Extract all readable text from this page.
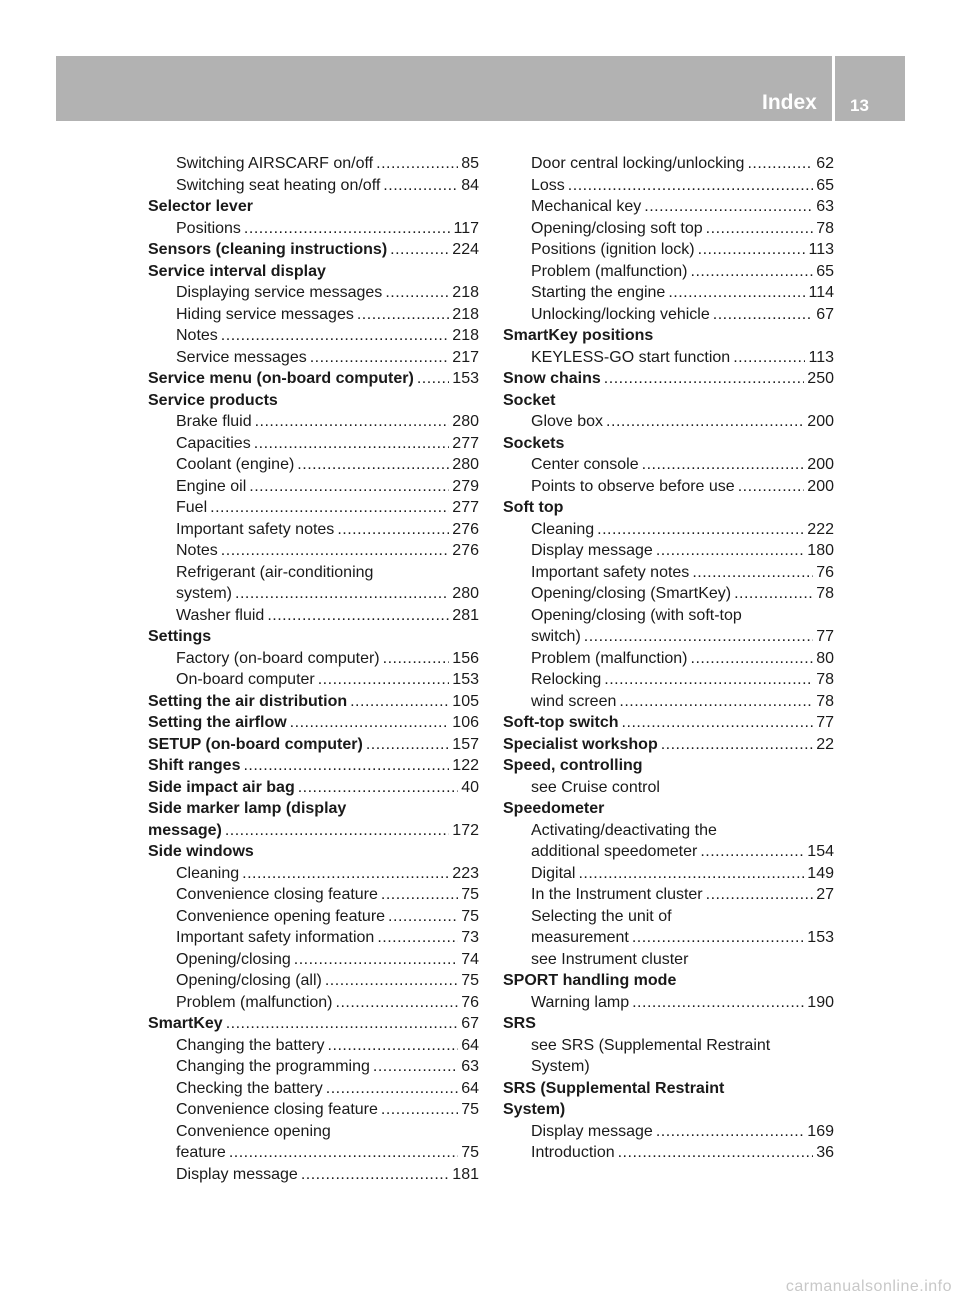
Index 13
Switching AIRSCARF on/off .....	85
Switching seat heating on/off .....	84
Selector lever
Positions .....	117
Sensors (cleaning instructions) .....	224
Service interval display
Displaying service messages .....	218
Hiding service messages .....	218
Notes .....	218
Service messages .....	217
Service menu (on-board computer) ..... 153
Service products
Brake fluid .....	280
Capacities .....	277
Coolant (engine) .....	280
Engine oil .....	279
Fuel .....	277
Important safety notes .....	276
Notes .....	276
Refrigerant (air-conditioning
system) .....	280
Washer fluid .....	281
Settings
Factory (on-board computer) .....	156
On-board computer .....	153
Setting the air distribution .....	105
Setting the airflow .....	106
SETUP (on-board computer) .....	157
Shift ranges .....	122
Side impact air bag .....	40
Side marker lamp (display
message) .....	172
Side windows
Cleaning .....	223
Convenience closing feature .....	75
Convenience opening feature .....	75
Important safety information .....	73
Opening/closing .....	74
Opening/closing (all) .....	75
Problem (malfunction) .....	76
SmartKey .....	67
Changing the battery .....	64
Changing the programming .....	63
Checking the battery .....	64
Convenience closing feature .....	75
Convenience opening
feature .....	75
Display message .....	181
Door central locking/unlocking .....	62
Loss .....	65
Mechanical key .....	63
Opening/closing soft top .....	78
Positions (ignition lock) .....	113
Problem (malfunction) .....	65
Starting the engine .....	114
Unlocking/locking vehicle .....	67
SmartKey positions
KEYLESS-GO start function .....	113
Snow chains .....	250
Socket
Glove box .....	200
Sockets
Center console .....	200
Points to observe before use .....	200
Soft top
Cleaning .....	222
Display message .....	180
Important safety notes .....	76
Opening/closing (SmartKey) .....	78
Opening/closing (with soft-top
switch) .....	77
Problem (malfunction) .....	80
Relocking .....	78
wind screen .....	78
Soft-top switch .....	77
Specialist workshop .....	22
Speed, controlling
see Cruise control
Speedometer
Activating/deactivating the
additional speedometer .....	154
Digital .....	149
In the Instrument cluster .....	27
Selecting the unit of
measurement .....	153
see Instrument cluster
SPORT handling mode
Warning lamp .....	190
SRS
see SRS (Supplemental Restraint
System)
SRS (Supplemental Restraint
System)
Display message .....	169
Introduction .....	36
carmanualsonline.info
